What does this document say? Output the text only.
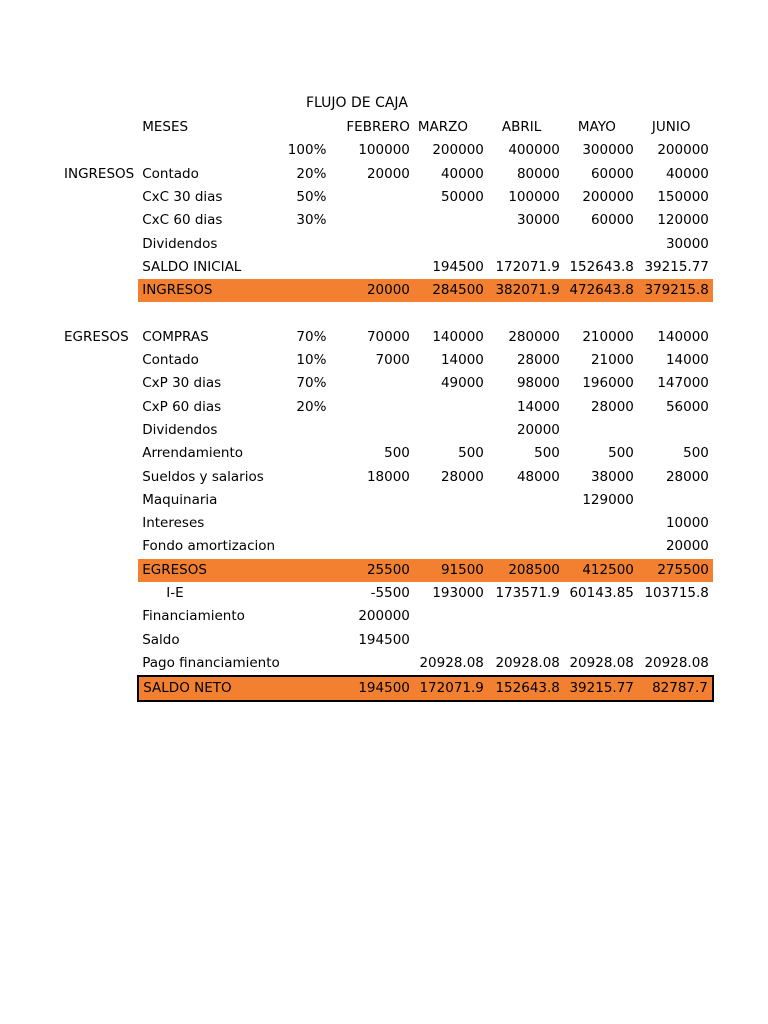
FLUJO DE CAJA
	MESES		FEBRERO	MARZO	ABRIL	MAYO	JUNIO
		100%	100000	200000	400000	300000	200000
INGRESOS	Contado	20%	20000	40000	80000	60000	40000
	CxC 30 dias	50%		50000	100000	200000	150000
	CxC 60 dias	30%			30000	60000	120000
	Dividendos						30000
	SALDO INICIAL			194500	172071.9	152643.8	39215.77
	INGRESOS		20000	284500	382071.9	472643.8	379215.8

EGRESOS	COMPRAS	70%	70000	140000	280000	210000	140000
	Contado	10%	7000	14000	28000	21000	14000
	CxP 30 dias	70%		49000	98000	196000	147000
	CxP 60 dias	20%			14000	28000	56000
	Dividendos				20000		
	Arrendamiento		500	500	500	500	500
	Sueldos y salarios		18000	28000	48000	38000	28000
	Maquinaria					129000	
	Intereses						10000
	Fondo amortizacion						20000
	EGRESOS		25500	91500	208500	412500	275500
	I-E		-5500	193000	173571.9	60143.85	103715.8
	Financiamiento		200000				
	Saldo		194500				
	Pago financiamiento			20928.08	20928.08	20928.08	20928.08
	SALDO NETO		194500	172071.9	152643.8	39215.77	82787.7
